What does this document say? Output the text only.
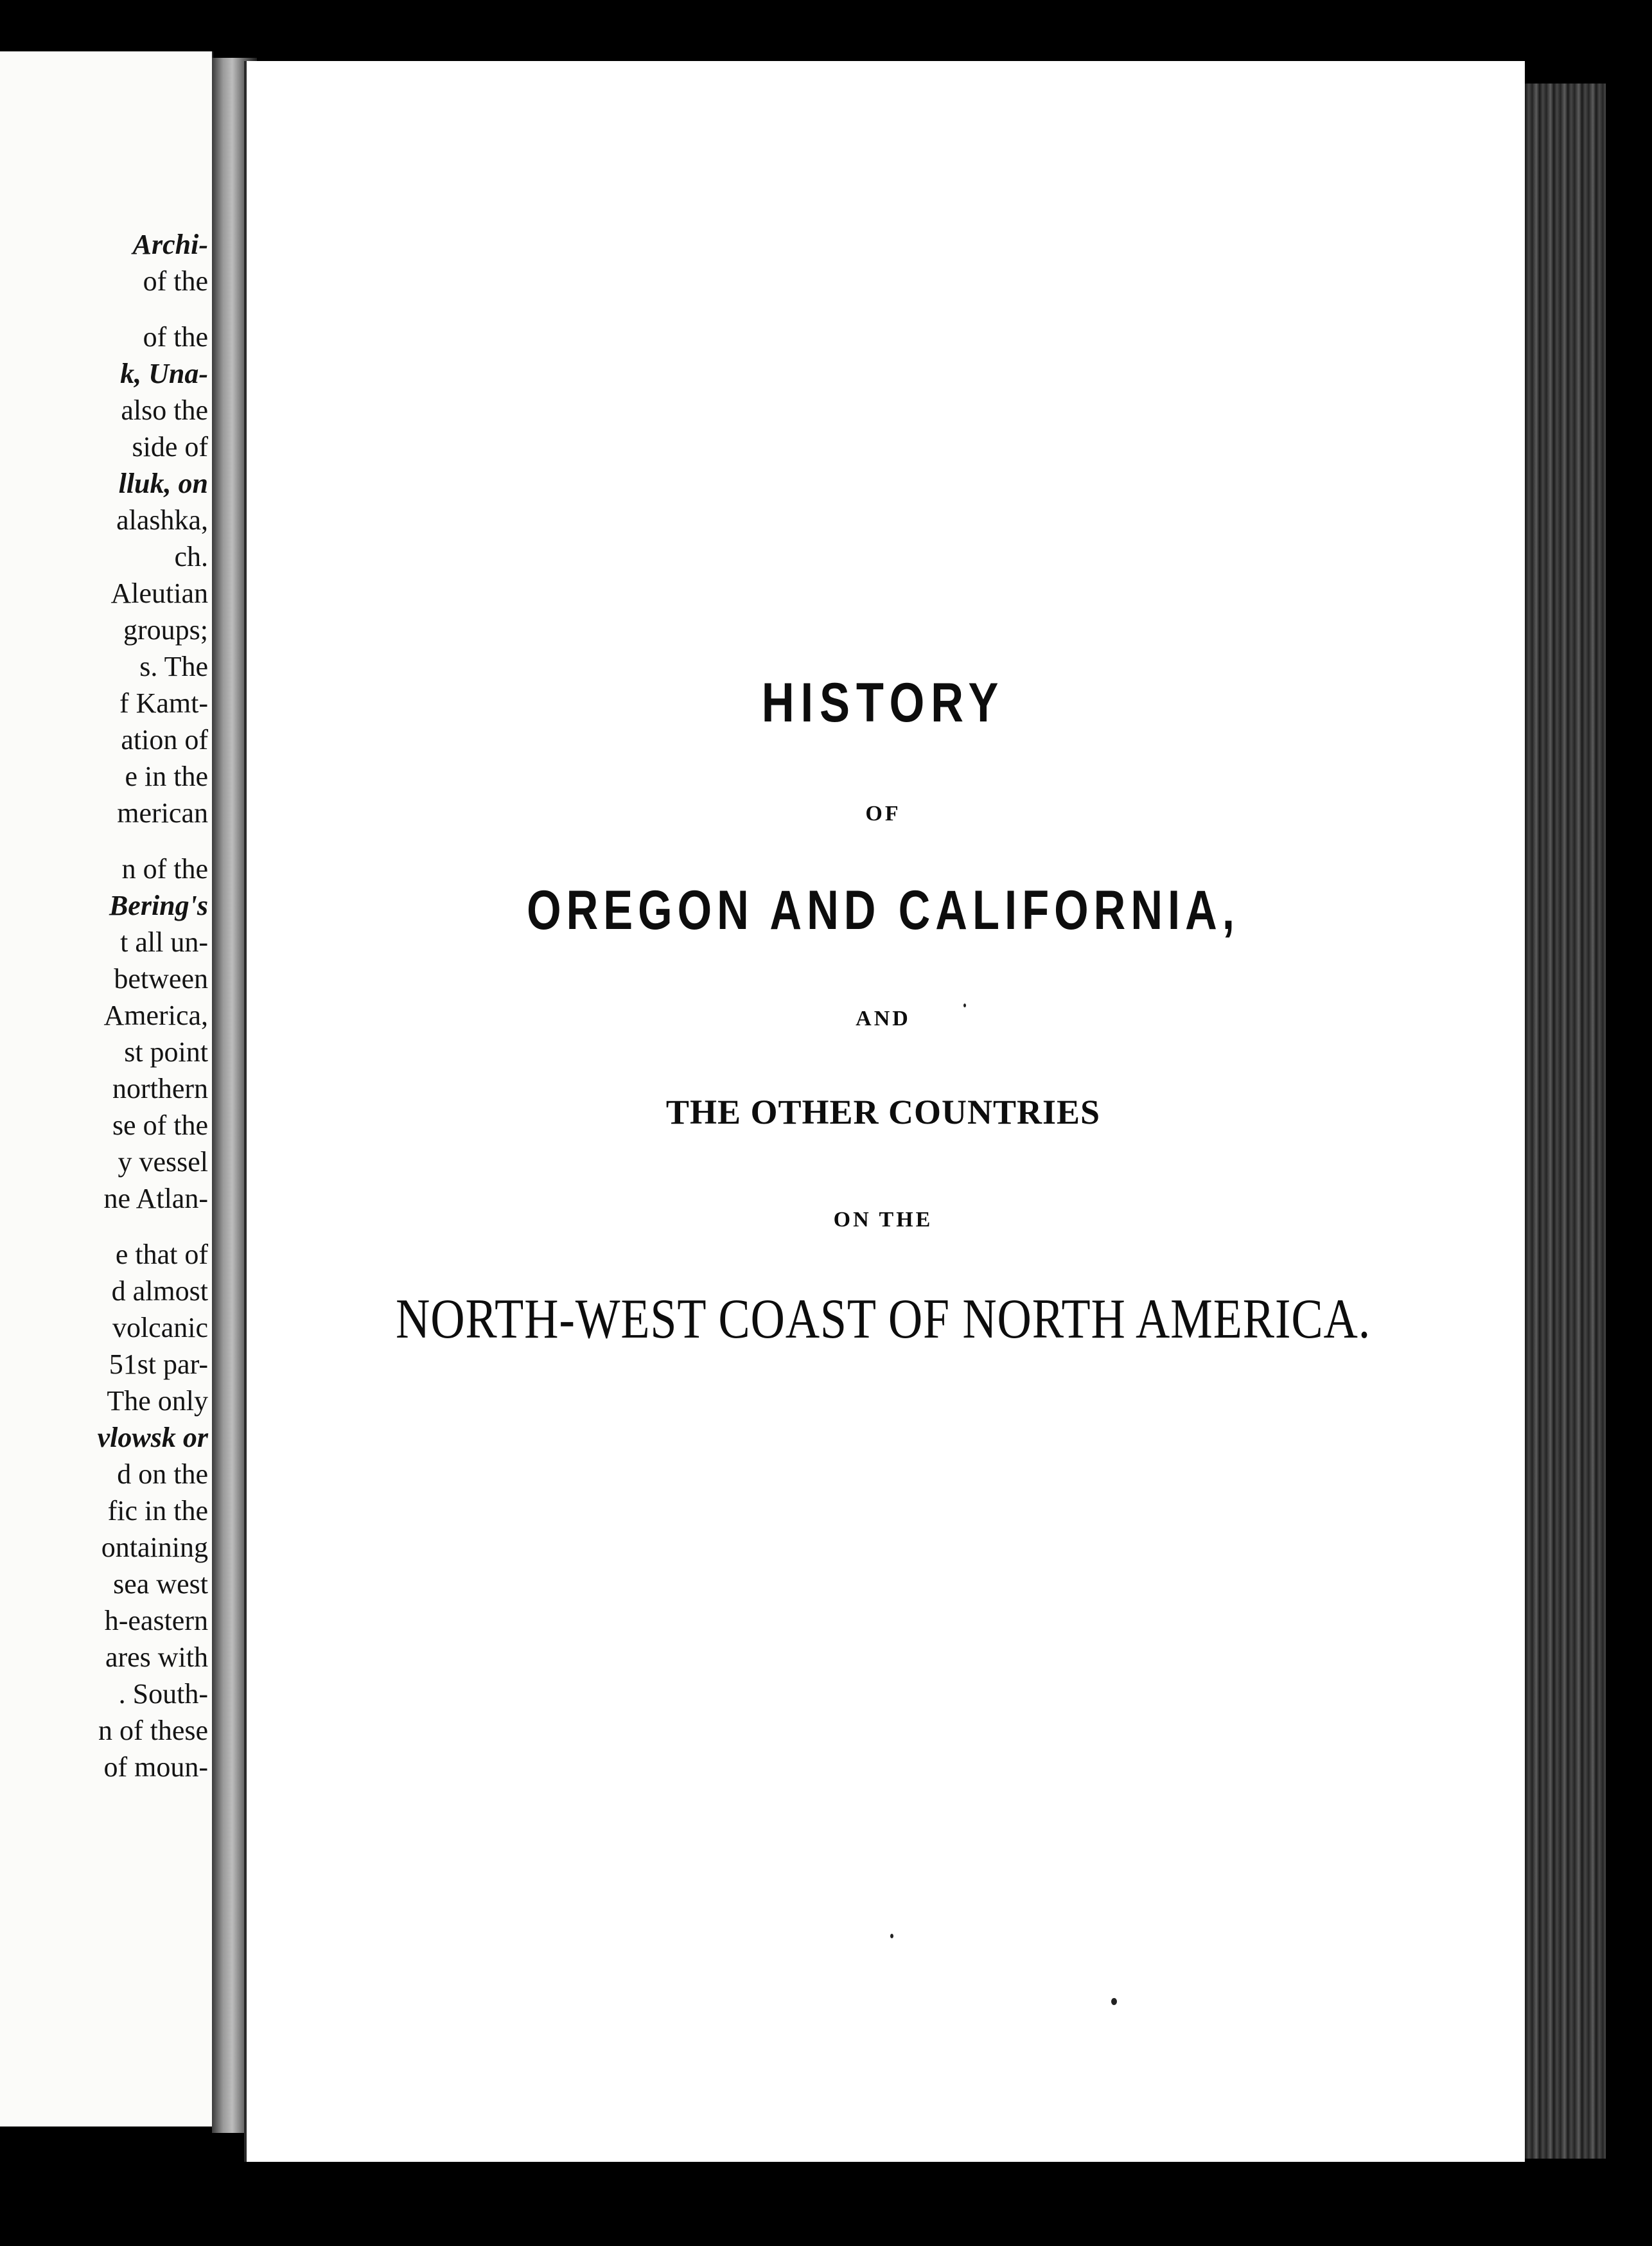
Archi-
of the
of the
k, Una-
also the
side of
lluk, on
alashka,
ch.
Aleutian
groups;
s. The
f Kamt-
ation of
e in the
merican
n of the
Bering's
t all un-
between
America,
st point
northern
se of the
y vessel
ne Atlan-
e that of
d almost
volcanic
51st par-
The only
vlowsk or
d on the
fic in the
ontaining
sea west
h-eastern
ares with
. South-
n of these
of moun-
HISTORY
OF
OREGON AND CALIFORNIA,
AND
THE OTHER COUNTRIES
ON THE
NORTH-WEST COAST OF NORTH AMERICA.
